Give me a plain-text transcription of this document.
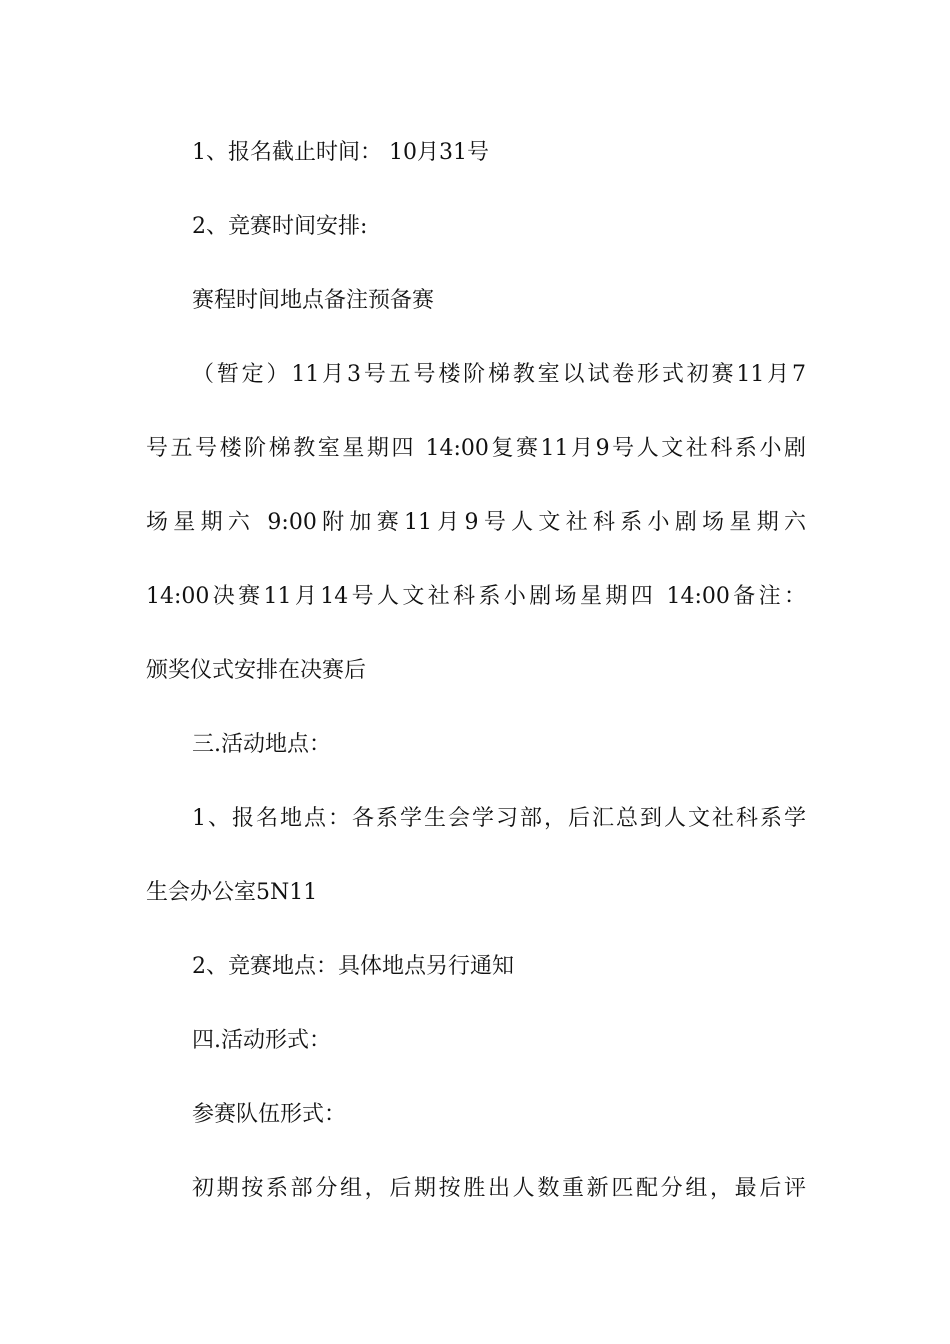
1、报名截止时间： 10月31号
2、竞赛时间安排:
赛程时间地点备注预备赛
（暂定）11月3号五号楼阶梯教室以试卷形式初赛11月7
号五号楼阶梯教室星期四 14:00复赛11月9号人文社科系小剧
场星期六 9:00附加赛11月9号人文社科系小剧场星期六
14:00决赛11月14号人文社科系小剧场星期四 14:00备注：
颁奖仪式安排在决赛后
三.活动地点：
1、报名地点：各系学生会学习部，后汇总到人文社科系学
生会办公室5N11
2、竞赛地点：具体地点另行通知
四.活动形式：
参赛队伍形式：
初期按系部分组，后期按胜出人数重新匹配分组，最后评
